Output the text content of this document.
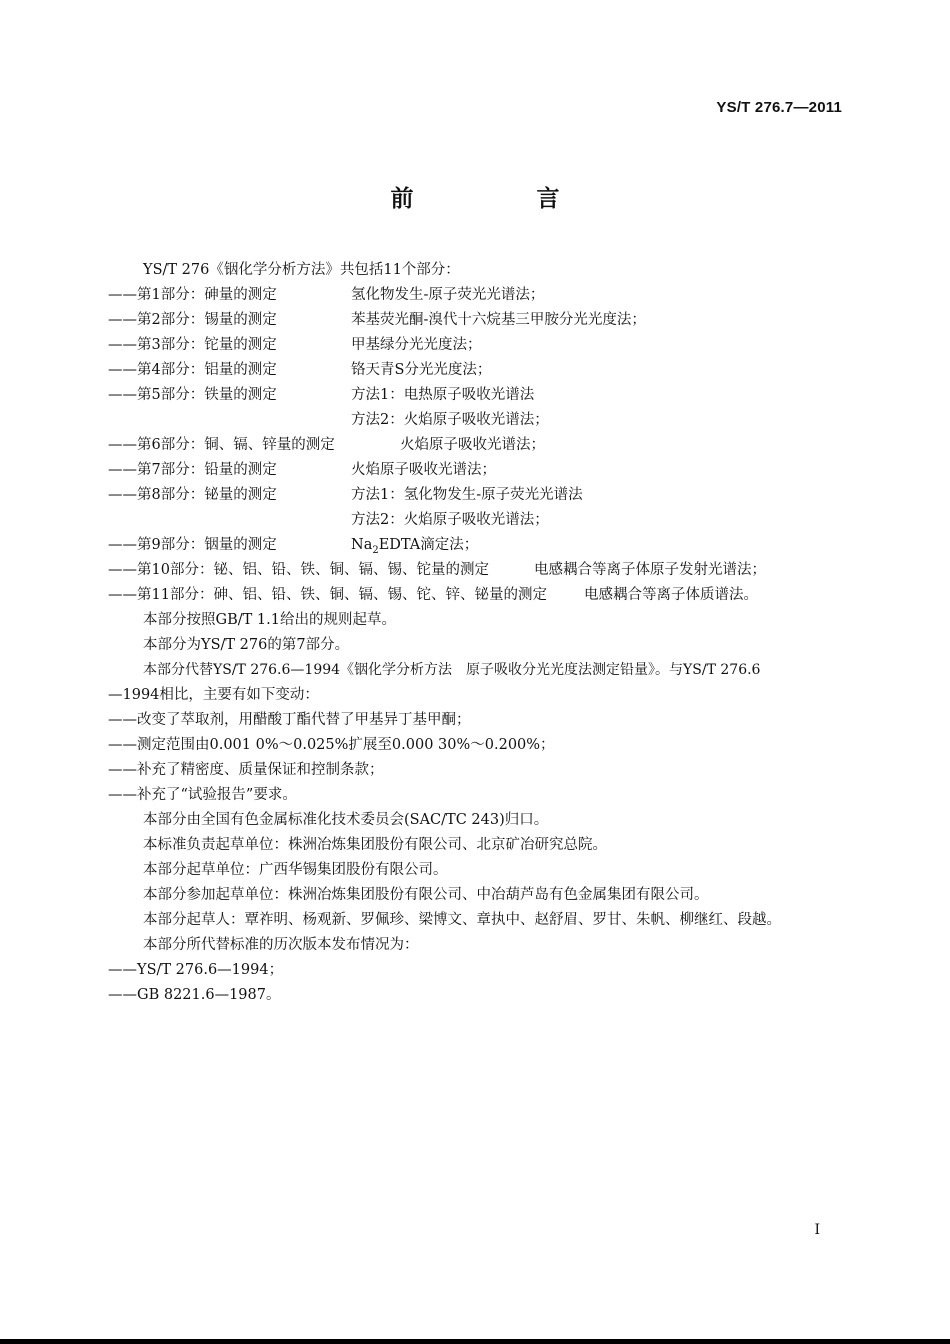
YS/T 276.7—2011
前　言
YS/T 276《铟化学分析方法》共包括11个部分：
——第1部分：砷量的测定	氢化物发生-原子荧光光谱法；
——第2部分：锡量的测定	苯基荧光酮-溴代十六烷基三甲胺分光光度法；
——第3部分：铊量的测定	甲基绿分光光度法；
——第4部分：铝量的测定	铬天青S分光光度法；
——第5部分：铁量的测定	方法1：电热原子吸收光谱法
方法2：火焰原子吸收光谱法；
——第6部分：铜、镉、锌量的测定	火焰原子吸收光谱法；
——第7部分：铅量的测定	火焰原子吸收光谱法；
——第8部分：铋量的测定	方法1：氢化物发生-原子荧光光谱法
方法2：火焰原子吸收光谱法；
——第9部分：铟量的测定	$Na_2EDTA$滴定法；
——第10部分：铋、铝、铅、铁、铜、镉、锡、铊量的测定	电感耦合等离子体原子发射光谱法；
——第11部分：砷、铝、铅、铁、铜、镉、锡、铊、锌、铋量的测定	电感耦合等离子体质谱法。
本部分按照GB/T 1.1给出的规则起草。
本部分为YS/T 276的第7部分。
本部分代替YS/T 276.6—1994《铟化学分析方法　原子吸收分光光度法测定铅量》。与YS/T 276.6
—1994相比，主要有如下变动：
——改变了萃取剂，用醋酸丁酯代替了甲基异丁基甲酮；
——测定范围由0.001 0%～0.025%扩展至0.000 30%～0.200%；
——补充了精密度、质量保证和控制条款；
——补充了“试验报告”要求。
本部分由全国有色金属标准化技术委员会(SAC/TC 243)归口。
本标准负责起草单位：株洲冶炼集团股份有限公司、北京矿冶研究总院。
本部分起草单位：广西华锡集团股份有限公司。
本部分参加起草单位：株洲冶炼集团股份有限公司、中冶葫芦岛有色金属集团有限公司。
本部分起草人：覃祚明、杨观新、罗佩珍、梁博文、章执中、赵舒眉、罗甘、朱帆、柳继红、段越。
本部分所代替标准的历次版本发布情况为：
——YS/T 276.6—1994；
——GB 8221.6—1987。
I
